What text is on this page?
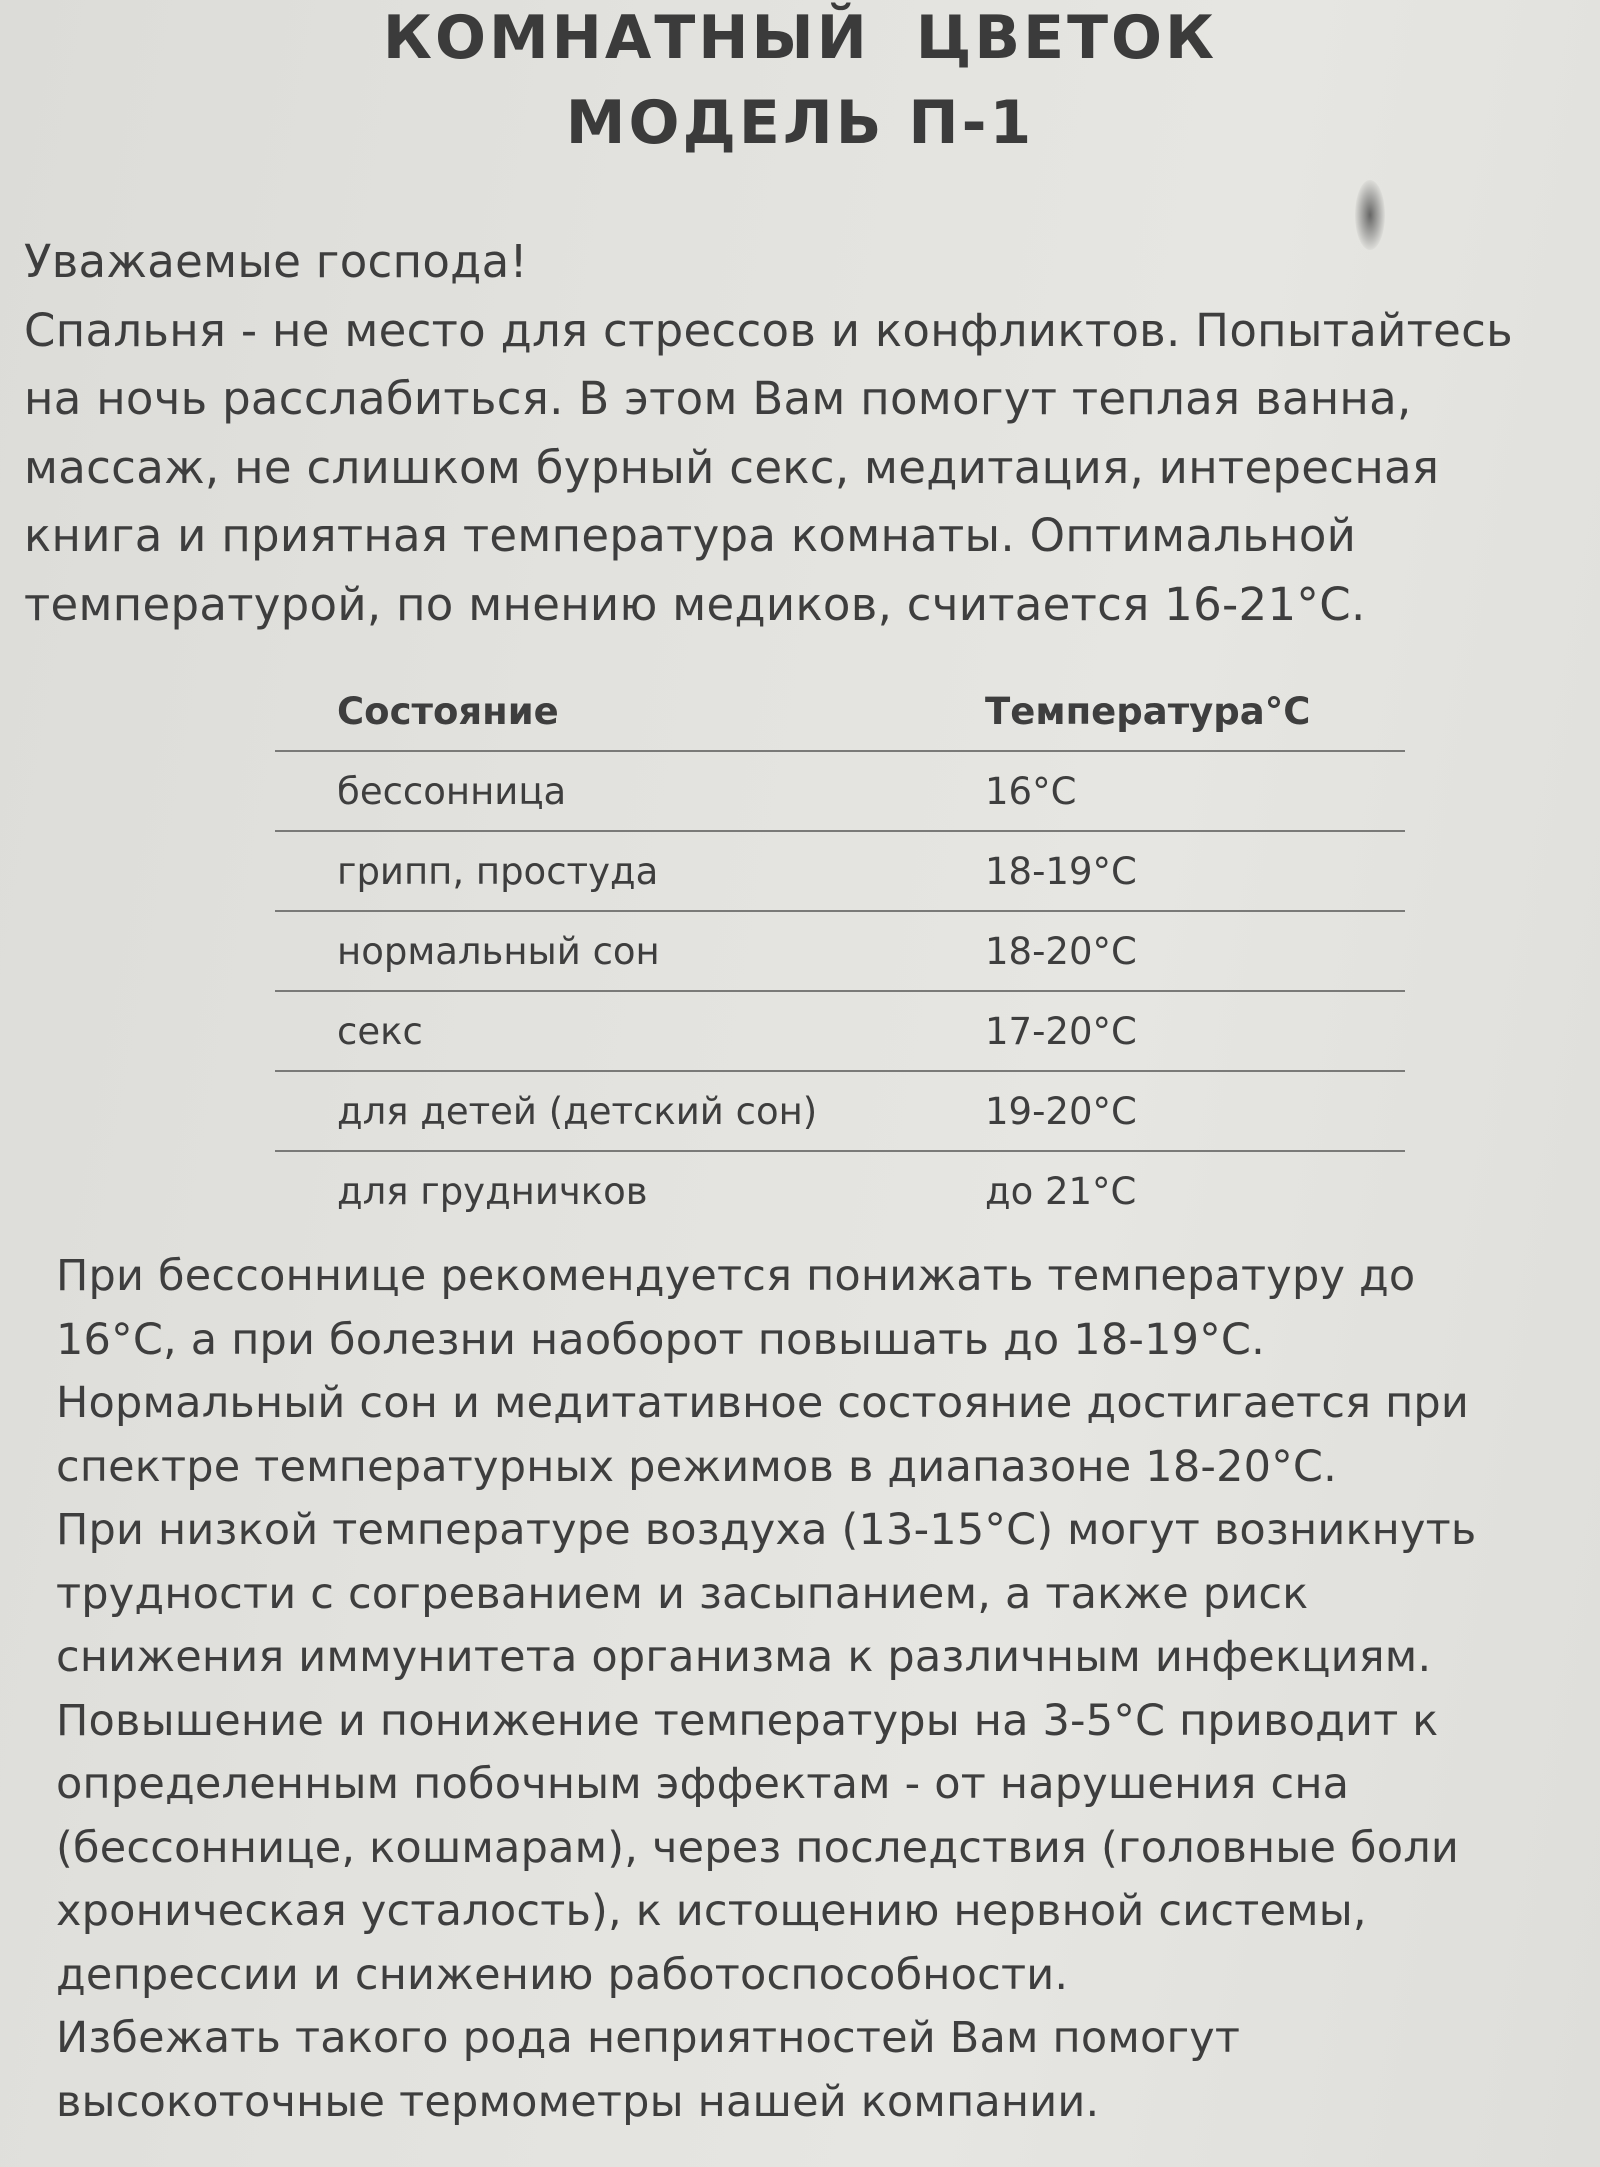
КОМНАТНЫЙ ЦВЕТОК
МОДЕЛЬ П-1

Уважаемые господа!
Спальня - не место для стрессов и конфликтов. Попытайтесь
на ночь расслабиться. В этом Вам помогут теплая ванна,
массаж, не слишком бурный секс, медитация, интересная
книга и приятная температура комнаты. Оптимальной
температурой, по мнению медиков, считается 16-21°C.

Состояние	Температура°C
бессонница	16°C
грипп, простуда	18-19°C
нормальный сон	18-20°C
секс	17-20°C
для детей (детский сон)	19-20°C
для грудничков	до 21°C

При бессоннице рекомендуется понижать температуру до
16°C, а при болезни наоборот повышать до 18-19°C.
Нормальный сон и медитативное состояние достигается при
спектре температурных режимов в диапазоне 18-20°C.
При низкой температуре воздуха (13-15°C) могут возникнуть
трудности с согреванием и засыпанием, а также риск
снижения иммунитета организма к различным инфекциям.
Повышение и понижение температуры на 3-5°C приводит к
определенным побочным эффектам - от нарушения сна
(бессоннице, кошмарам), через последствия (головные боли
хроническая усталость), к истощению нервной системы,
депрессии и снижению работоспособности.
Избежать такого рода неприятностей Вам помогут
высокоточные термометры нашей компании.
